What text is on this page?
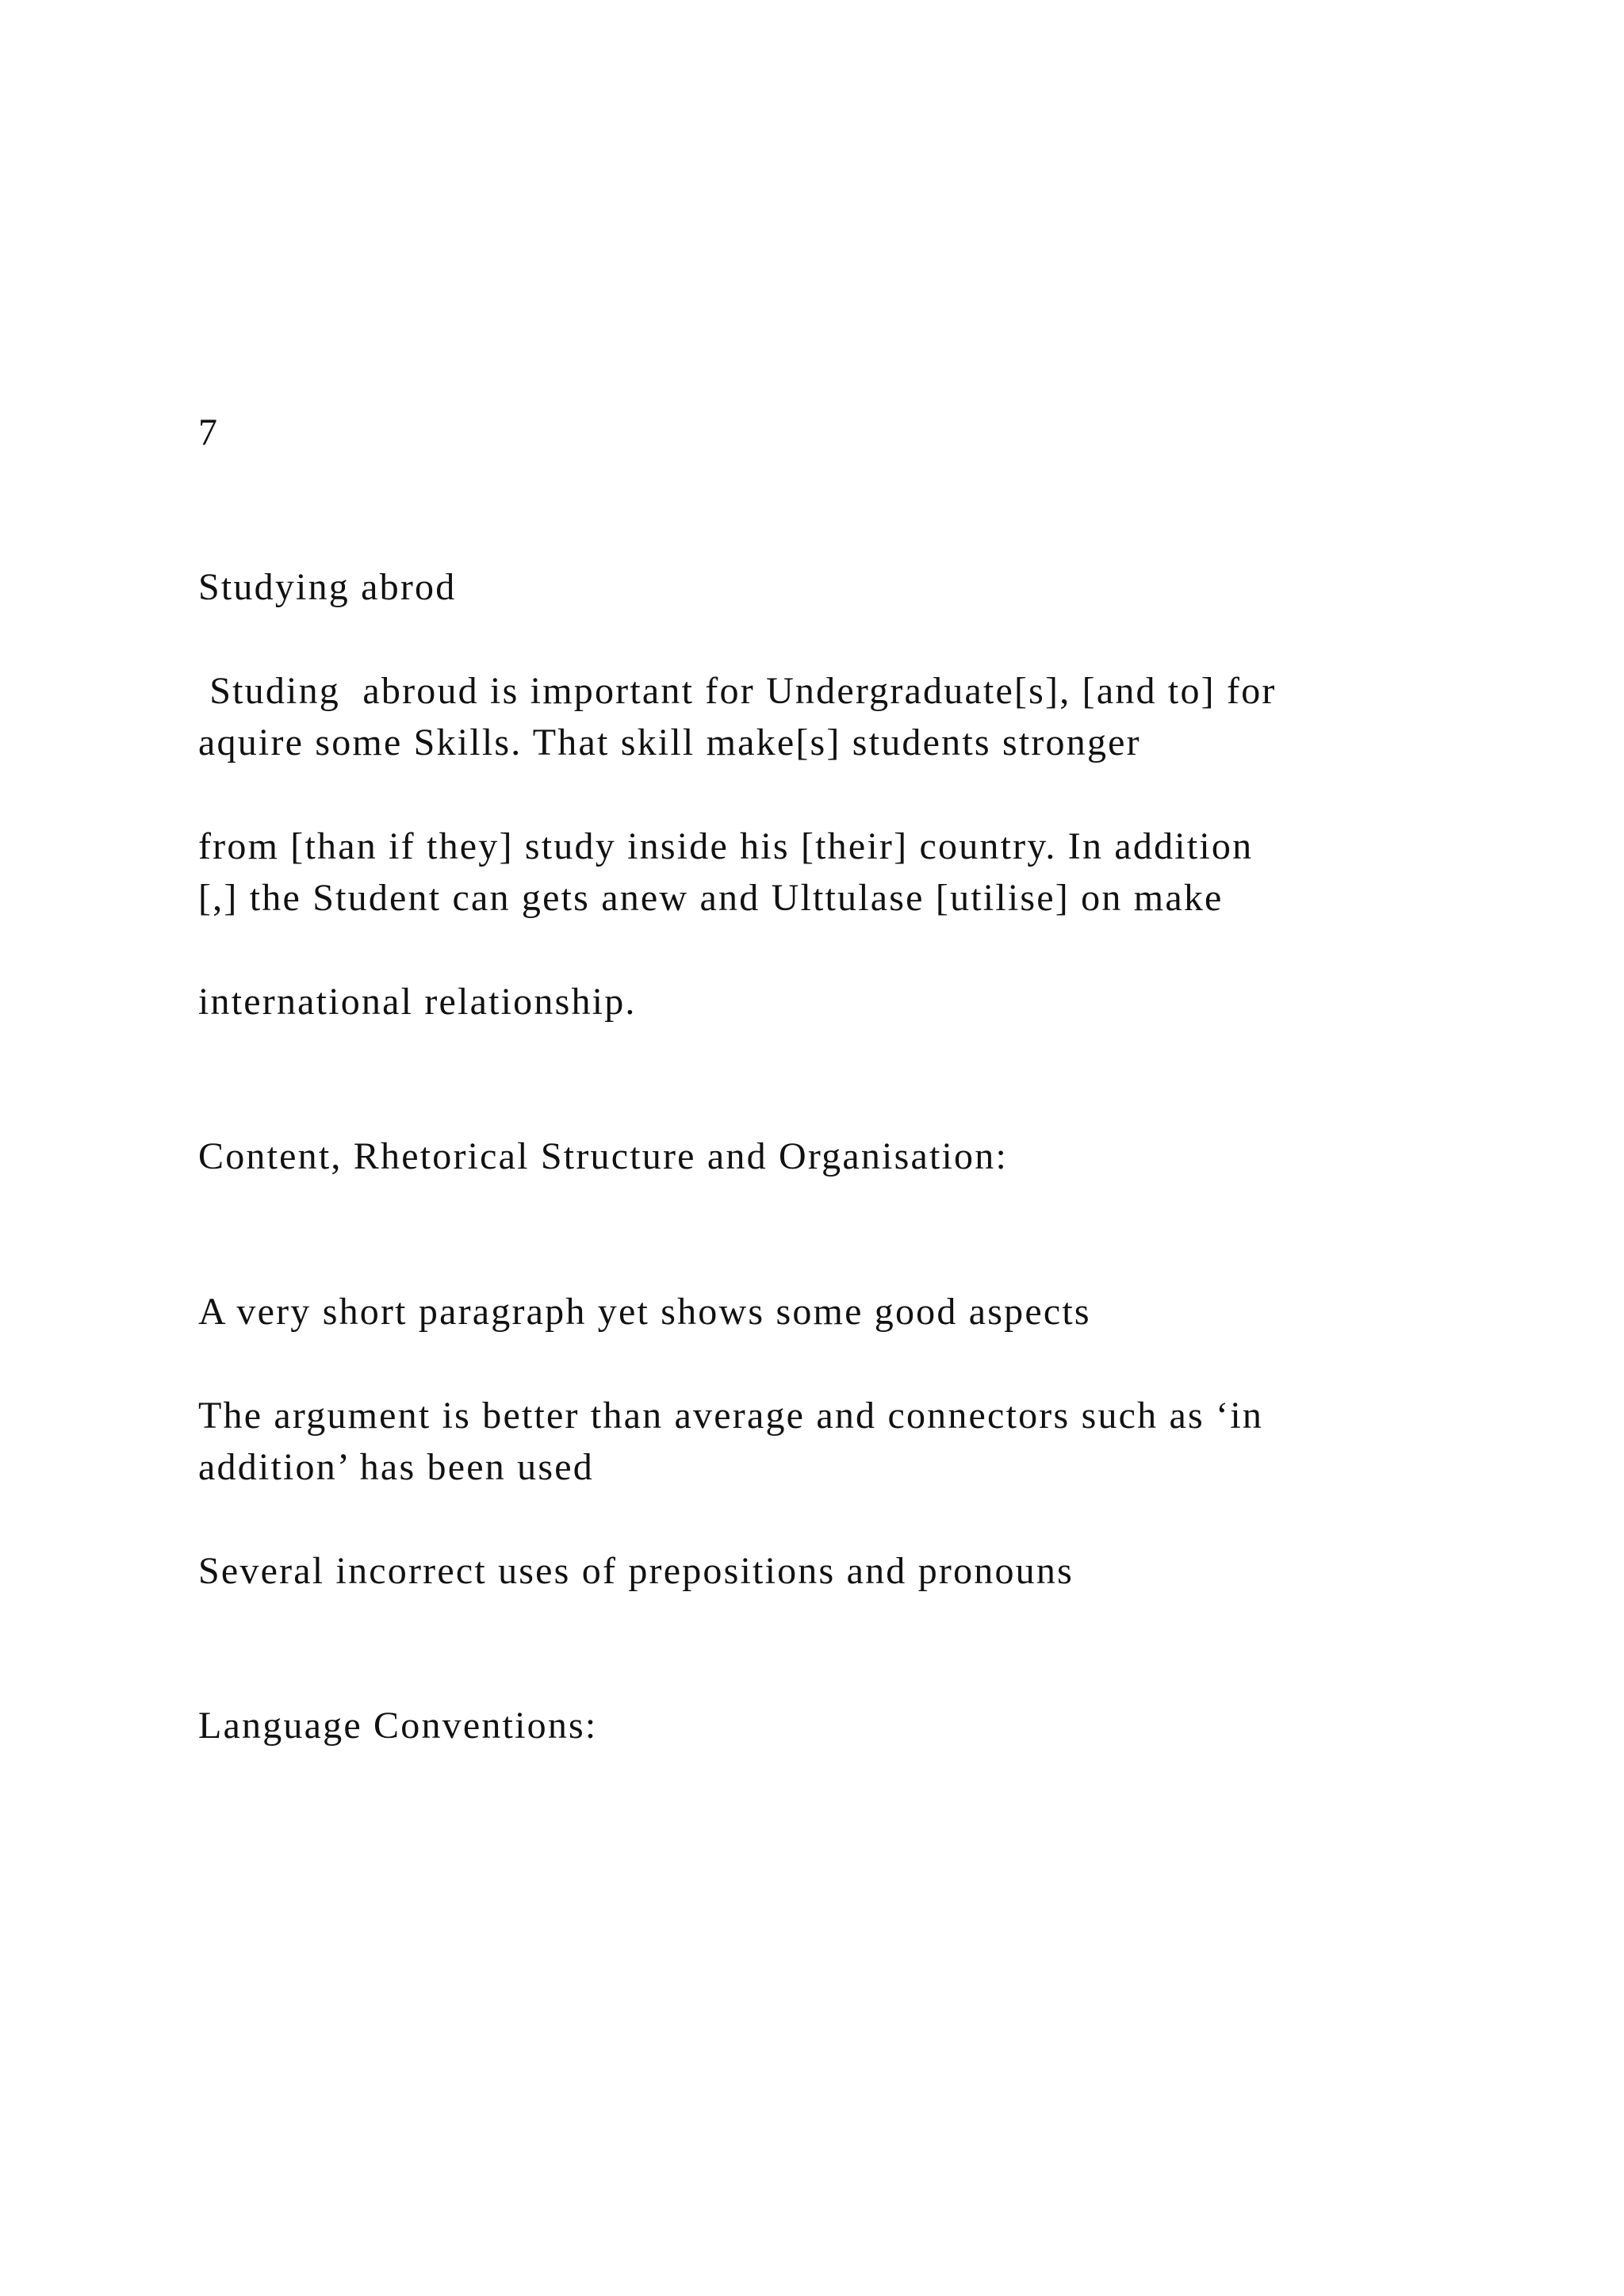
7

Studying abrod

Studing  abroud is important for Undergraduate[s], [and to] for

aquire some Skills. That skill make[s] students stronger

from [than if they] study inside his [their] country. In addition

[,] the Student can gets anew and Ulttulase [utilise] on make

international relationship.

Content, Rhetorical Structure and Organisation:

A very short paragraph yet shows some good aspects

The argument is better than average and connectors such as ‘in

addition’ has been used

Several incorrect uses of prepositions and pronouns

Language Conventions:
